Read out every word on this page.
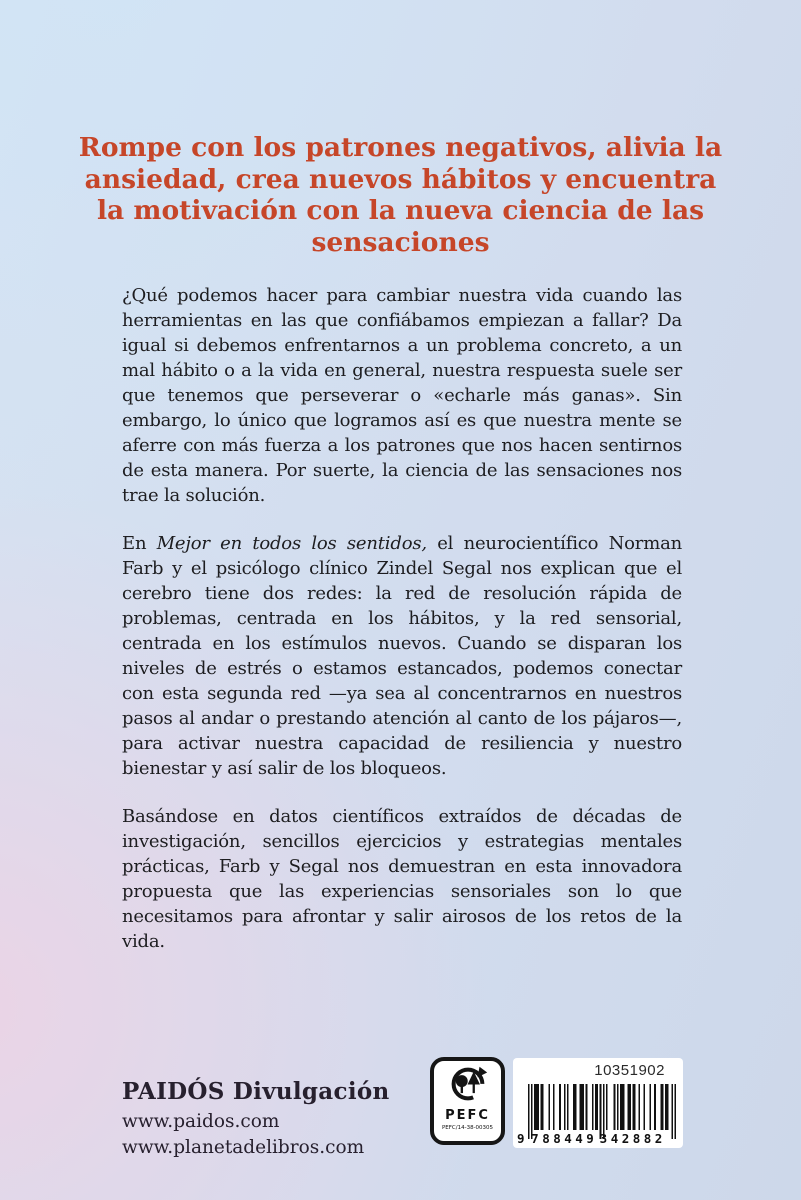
Rompe con los patrones negativos, alivia la
ansiedad, crea nuevos hábitos y encuentra
la motivación con la nueva ciencia de las
sensaciones

¿Qué podemos hacer para cambiar nuestra vida cuando las herramientas en las que confiábamos empiezan a fallar? Da igual si debemos enfrentarnos a un problema concreto, a un mal hábito o a la vida en general, nuestra respuesta suele ser que tenemos que perseverar o «echarle más ganas». Sin embargo, lo único que logramos así es que nuestra mente se aferre con más fuerza a los patrones que nos hacen sentirnos de esta manera. Por suerte, la ciencia de las sensaciones nos trae la solución.

En Mejor en todos los sentidos, el neurocientífico Norman Farb y el psicólogo clínico Zindel Segal nos explican que el cerebro tiene dos redes: la red de resolución rápida de problemas, centrada en los hábitos, y la red sensorial, centrada en los estímulos nuevos. Cuando se disparan los niveles de estrés o estamos estancados, podemos conectar con esta segunda red —ya sea al concentrarnos en nuestros pasos al andar o prestando atención al canto de los pájaros—, para activar nuestra capacidad de resiliencia y nuestro bienestar y así salir de los bloqueos.

Basándose en datos científicos extraídos de décadas de investigación, sencillos ejercicios y estrategias mentales prácticas, Farb y Segal nos demuestran en esta innovadora propuesta que las experiencias sensoriales son lo que necesitamos para afrontar y salir airosos de los retos de la vida.

PAIDÓS Divulgación
www.paidos.com
www.planetadelibros.com
PEFC
PEFC/14-38-00305
10351902
9 788449 342882
